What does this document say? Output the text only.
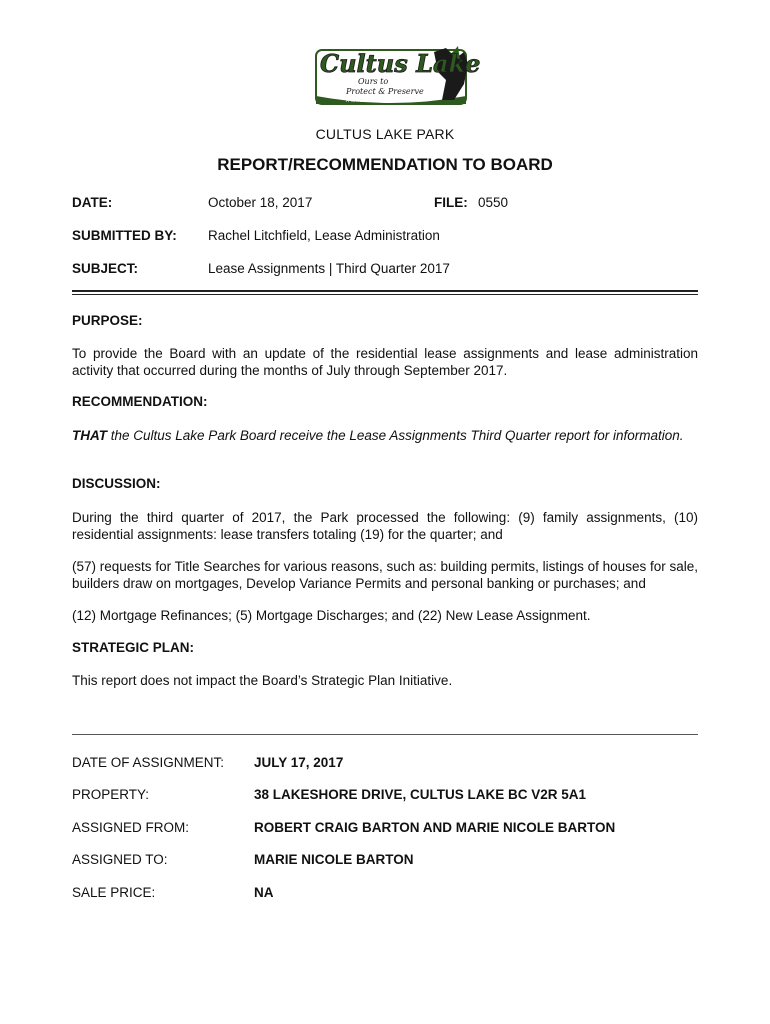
Cultus Lake
Ours to
Protect & Preserve
A NATURAL PARADISE
CULTUS LAKE PARK
REPORT/RECOMMENDATION TO BOARD
DATE:	October 18, 2017	FILE: 0550
SUBMITTED BY: Rachel Litchfield, Lease Administration
SUBJECT:	Lease Assignments | Third Quarter 2017
PURPOSE:
To provide the Board with an update of the residential lease assignments and lease administration activity that occurred during the months of July through September 2017.
RECOMMENDATION:
THAT the Cultus Lake Park Board receive the Lease Assignments Third Quarter report for information.
DISCUSSION:
During the third quarter of 2017, the Park processed the following: (9) family assignments, (10) residential assignments: lease transfers totaling (19) for the quarter; and
(57) requests for Title Searches for various reasons, such as: building permits, listings of houses for sale, builders draw on mortgages, Develop Variance Permits and personal banking or purchases; and
(12) Mortgage Refinances; (5) Mortgage Discharges; and (22) New Lease Assignment.
STRATEGIC PLAN:
This report does not impact the Board’s Strategic Plan Initiative.
DATE OF ASSIGNMENT: JULY 17, 2017
PROPERTY:	38 LAKESHORE DRIVE, CULTUS LAKE BC V2R 5A1
ASSIGNED FROM:	ROBERT CRAIG BARTON AND MARIE NICOLE BARTON
ASSIGNED TO:	MARIE NICOLE BARTON
SALE PRICE:	NA
